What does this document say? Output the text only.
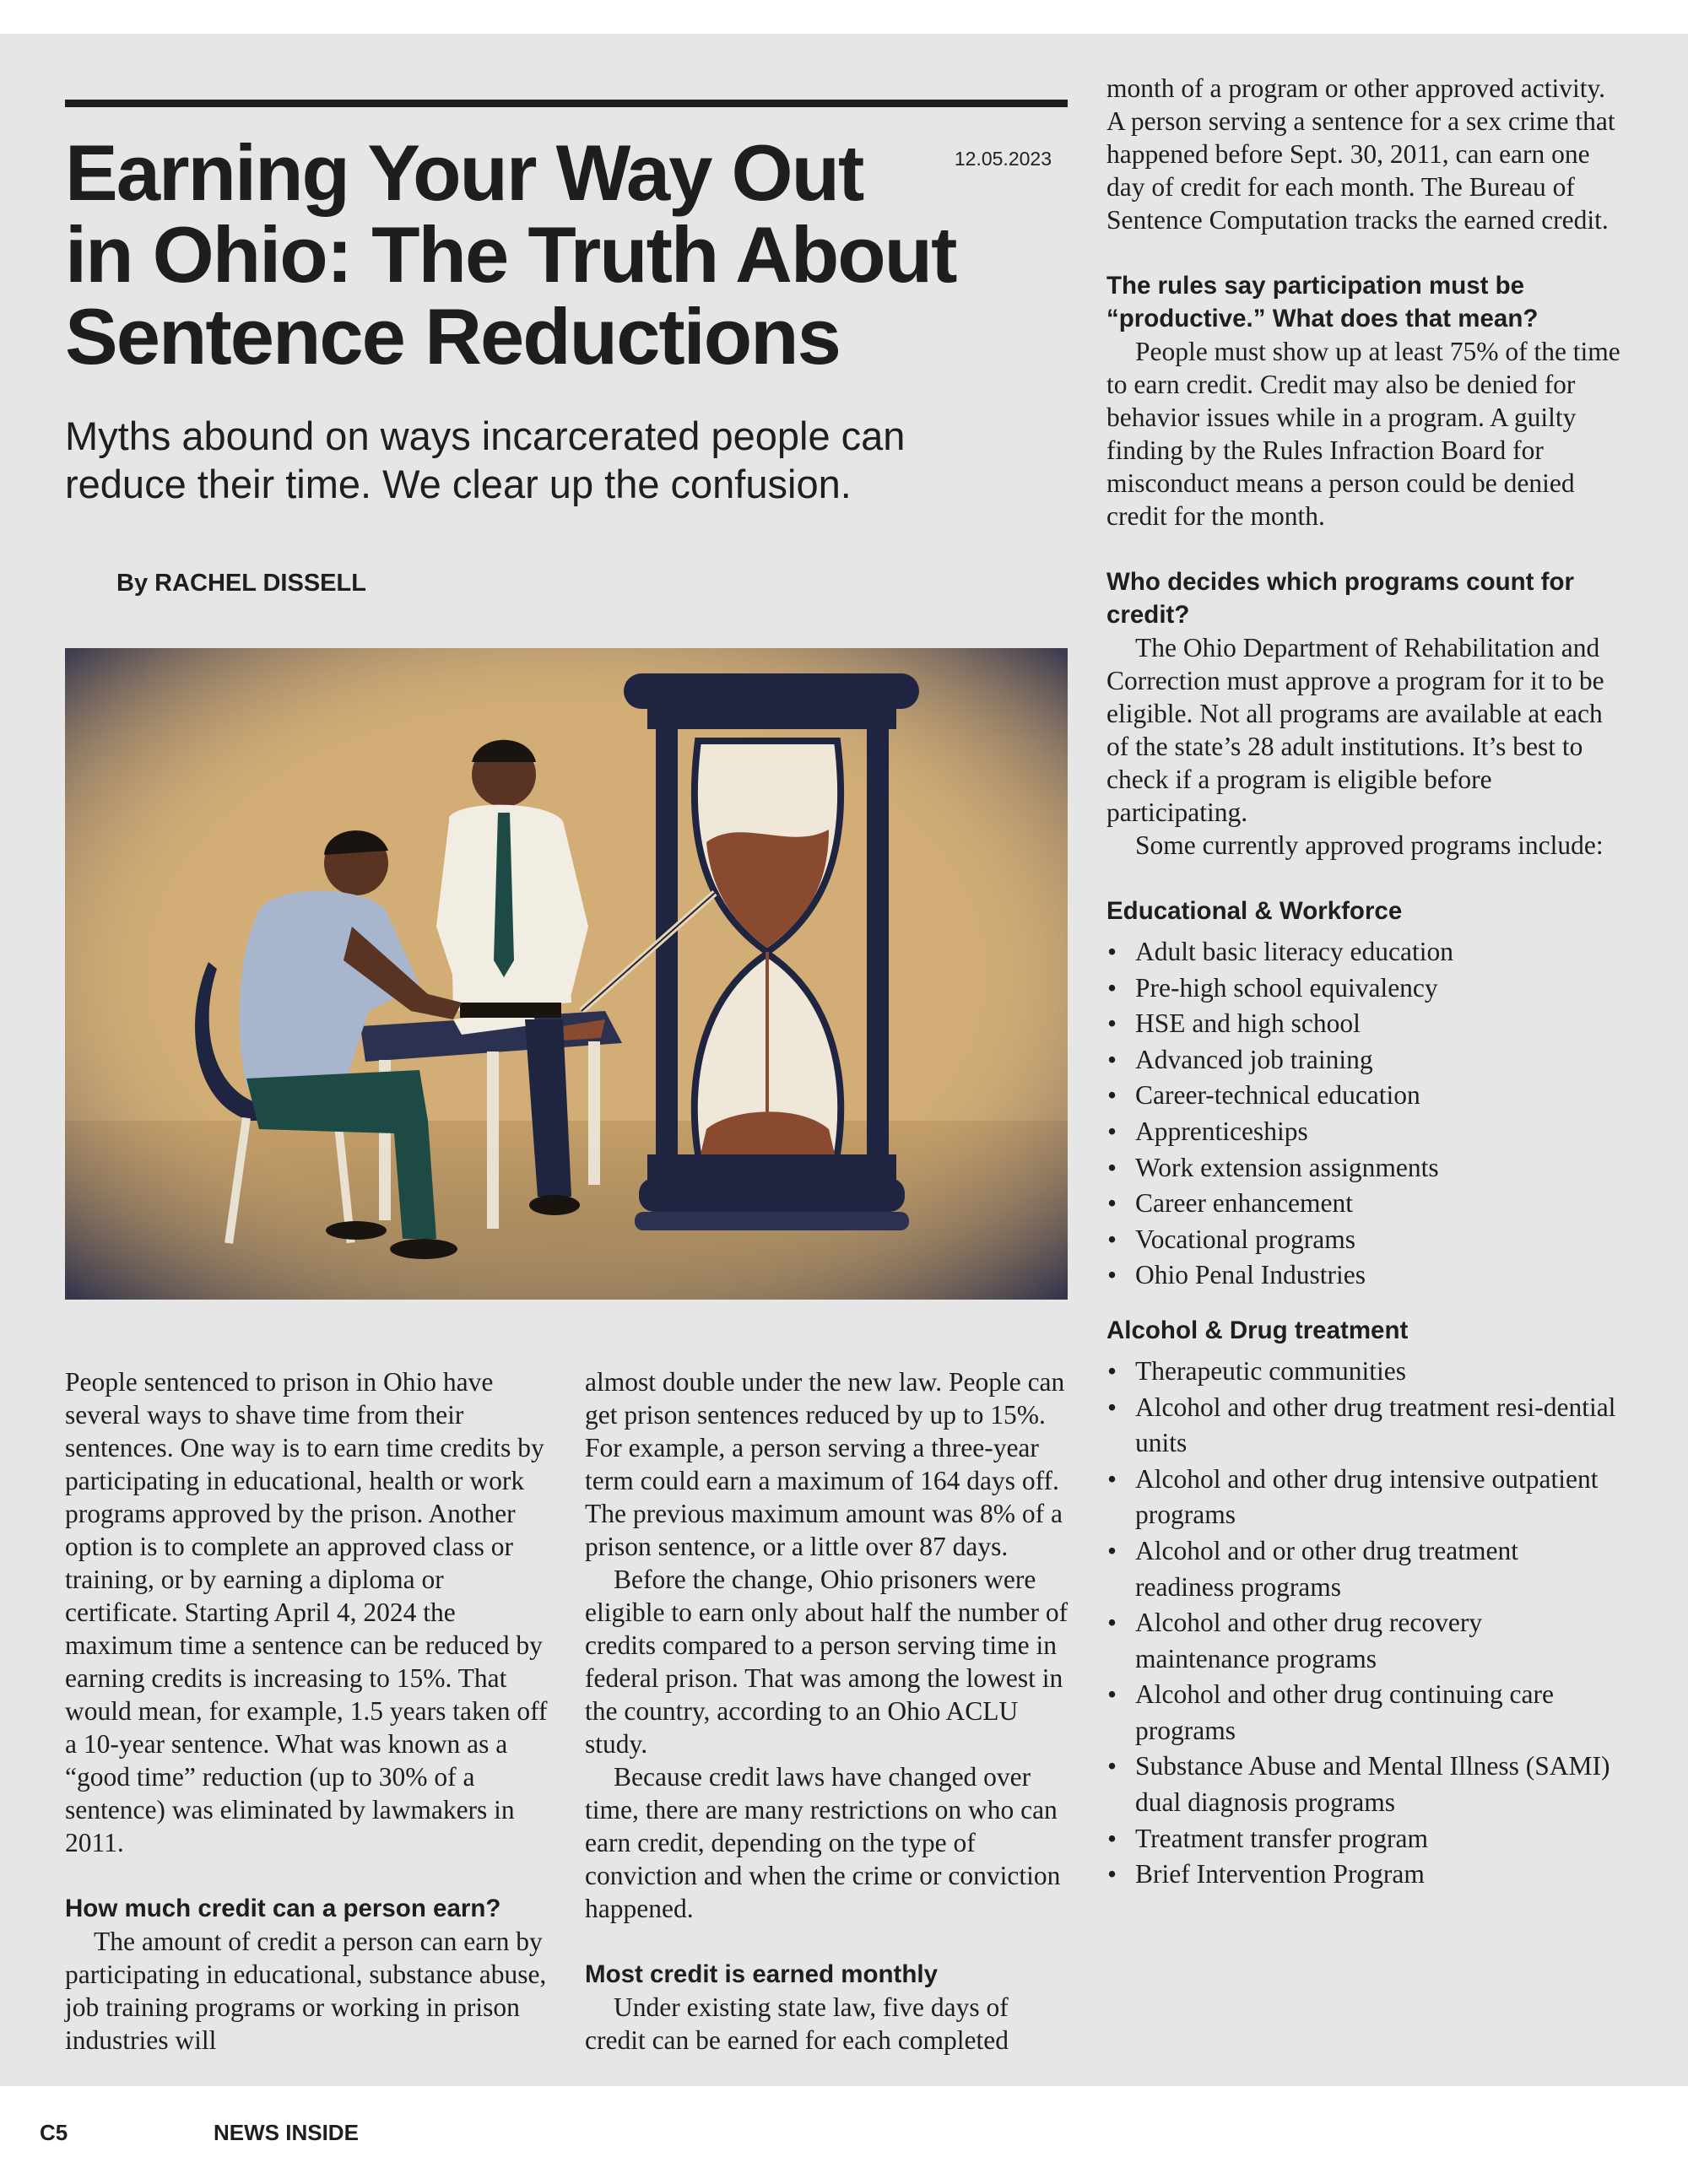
12.05.2023
Earning Your Way Out
in Ohio: The Truth About
Sentence Reductions

Myths abound on ways incarcerated people can reduce their time. We clear up the confusion.

By RACHEL DISSELL

People sentenced to prison in Ohio have several ways to shave time from their sentences. One way is to earn time credits by participating in educational, health or work programs approved by the prison. Another option is to complete an approved class or training, or by earning a diploma or certificate. Starting April 4, 2024 the maximum time a sentence can be reduced by earning credits is increasing to 15%. That would mean, for example, 1.5 years taken off a 10-year sentence. What was known as a “good time” reduction (up to 30% of a sentence) was eliminated by lawmakers in 2011.

How much credit can a person earn?

The amount of credit a person can earn by participating in educational, substance abuse, job training programs or working in prison industries will

almost double under the new law. People can get prison sentences reduced by up to 15%. For example, a person serving a three-year term could earn a maximum of 164 days off. The previous maximum amount was 8% of a prison sentence, or a little over 87 days.

Before the change, Ohio prisoners were eligible to earn only about half the number of credits compared to a person serving time in federal prison. That was among the lowest in the country, according to an Ohio ACLU study.

Because credit laws have changed over time, there are many restrictions on who can earn credit, depending on the type of conviction and when the crime or conviction happened.

Most credit is earned monthly

Under existing state law, five days of credit can be earned for each completed

month of a program or other approved activity. A person serving a sentence for a sex crime that happened before Sept. 30, 2011, can earn one day of credit for each month. The Bureau of Sentence Computation tracks the earned credit.

The rules say participation must be “productive.” What does that mean?

People must show up at least 75% of the time to earn credit. Credit may also be denied for behavior issues while in a program. A guilty finding by the Rules Infraction Board for misconduct means a person could be denied credit for the month.

Who decides which programs count for credit?

The Ohio Department of Rehabilitation and Correction must approve a program for it to be eligible. Not all programs are available at each of the state’s 28 adult institutions. It’s best to check if a program is eligible before participating.

Some currently approved programs include:

Educational & Workforce
• Adult basic literacy education
• Pre-high school equivalency
• HSE and high school
• Advanced job training
• Career-technical education
• Apprenticeships
• Work extension assignments
• Career enhancement
• Vocational programs
• Ohio Penal Industries
Alcohol & Drug treatment
• Therapeutic communities
• Alcohol and other drug treatment resi-dential units
• Alcohol and other drug intensive outpatient programs
• Alcohol and or other drug treatment readiness programs
• Alcohol and other drug recovery maintenance programs
• Alcohol and other drug continuing care programs
• Substance Abuse and Mental Illness (SAMI) dual diagnosis programs
• Treatment transfer program
• Brief Intervention Program
C5	NEWS INSIDE
